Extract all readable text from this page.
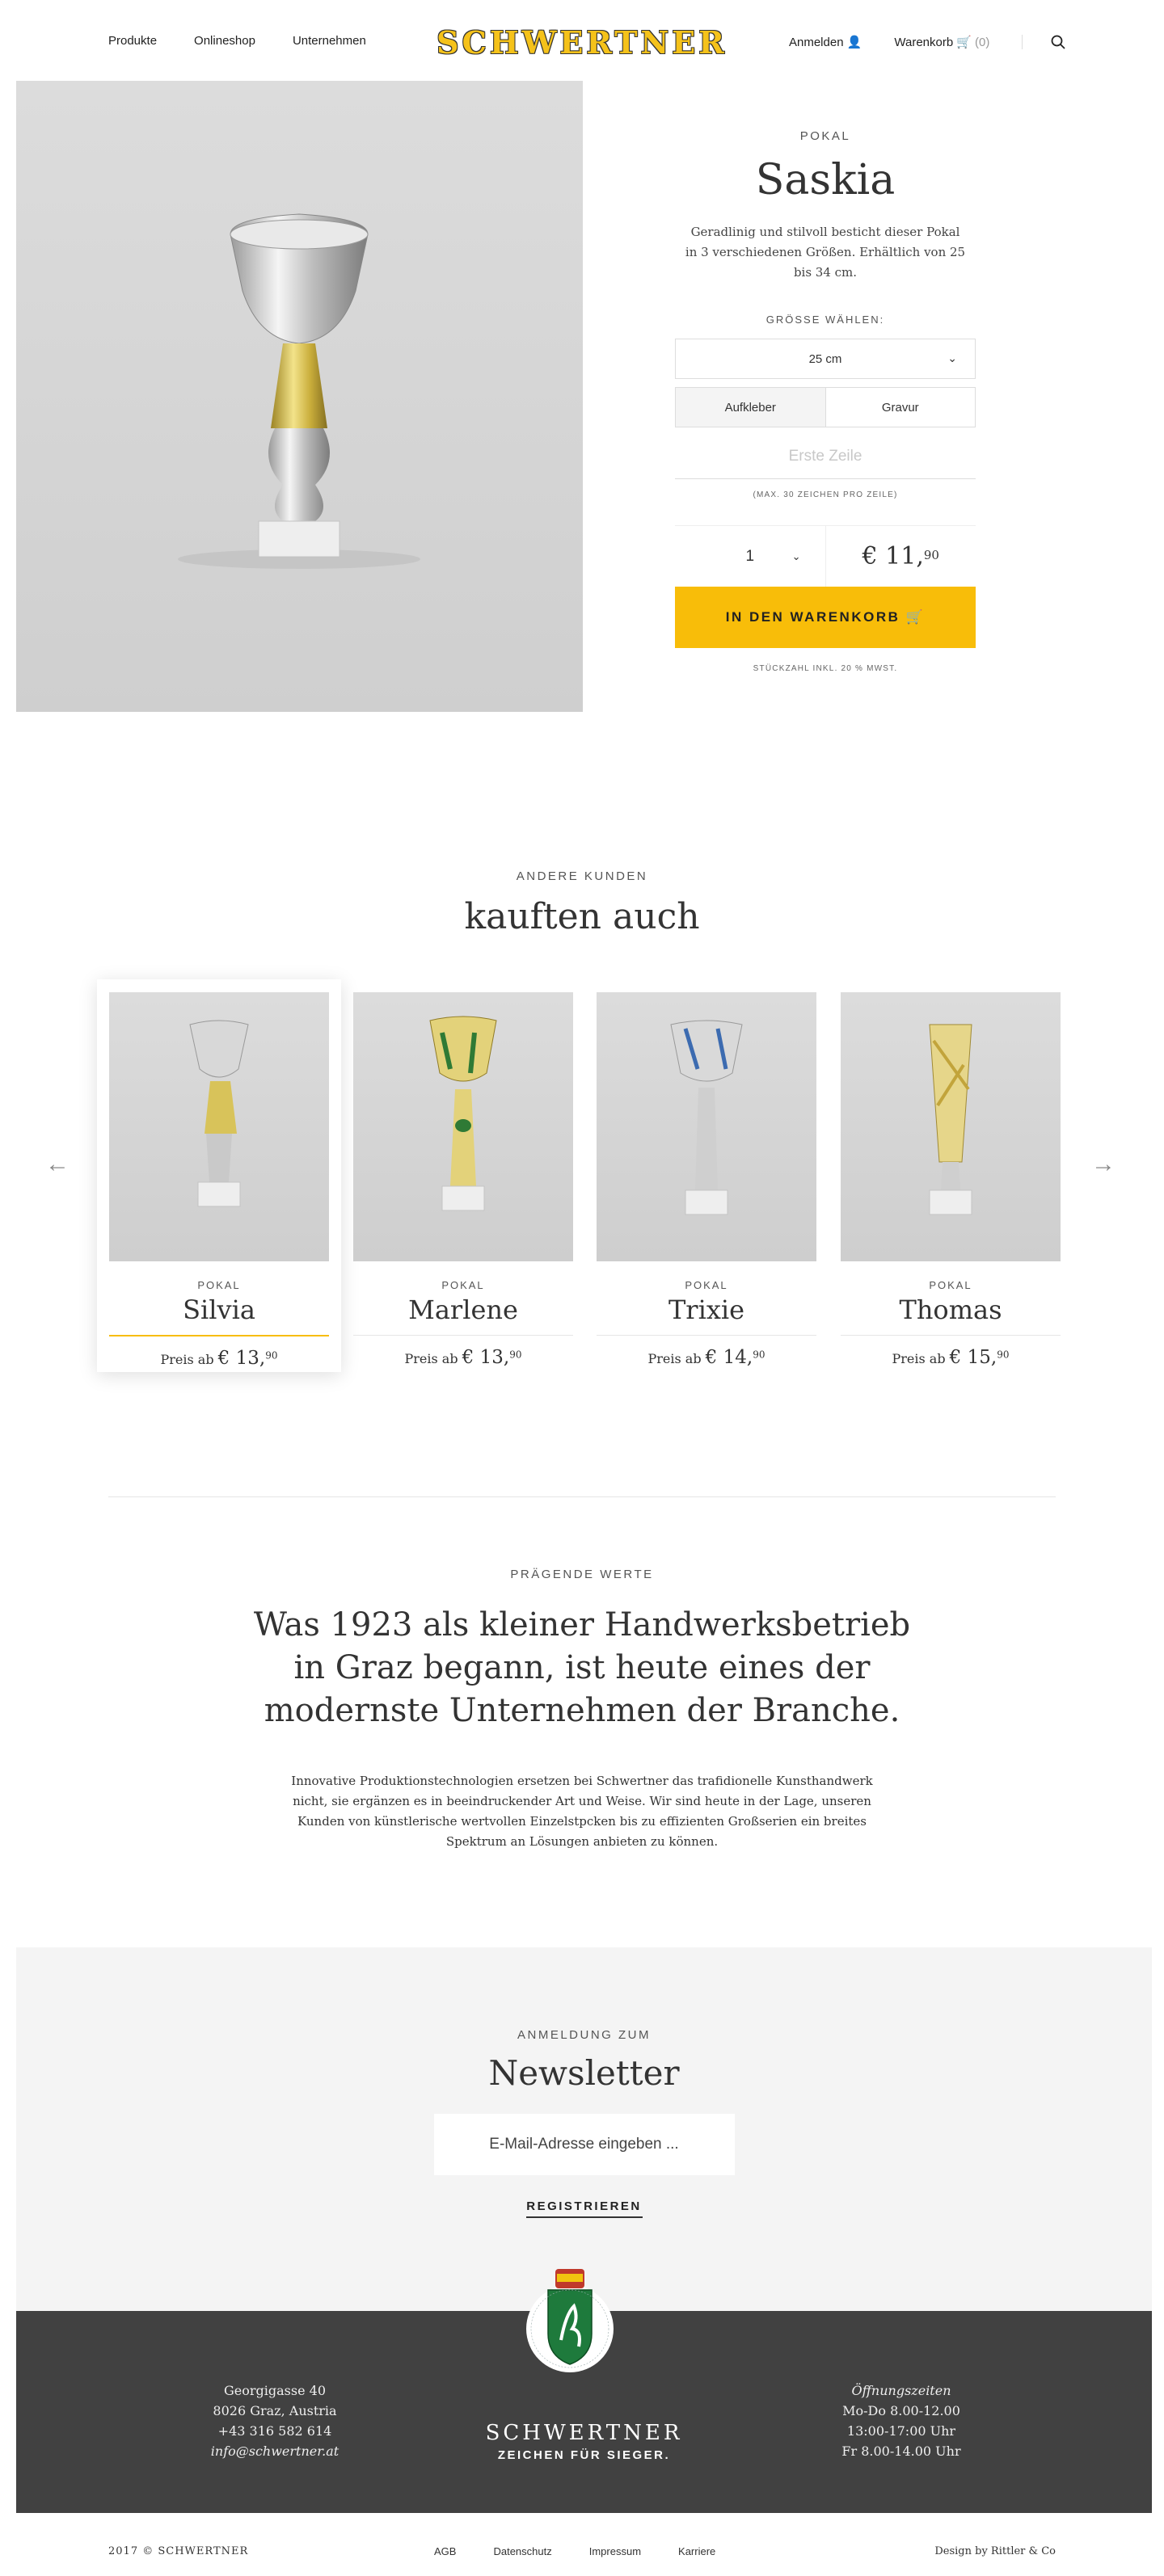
Produkte	Onlineshop	Unternehmen SCHWERTNER	Anmelden 👤	Warenkorb 🛒 (0)
POKAL
Saskia
Geradlinig und stilvoll besticht dieser Pokal in 3 verschiedenen Größen. Erhältlich von 25 bis 34 cm.
GRÖSSE WÄHLEN:
25 cm	⌄
Aufkleber	Gravur
Erste Zeile
(MAX. 30 ZEICHEN PRO ZEILE)
1	⌄	€ 11,90
IN DEN WARENKORB 🛒
STÜCKZAHL INKL. 20 % MWST.
ANDERE KUNDEN
kauften auch
←	→
POKAL
Silvia
Preis ab € 13,90
POKAL
Marlene
Preis ab € 13,90
POKAL
Trixie
Preis ab € 14,90
POKAL
Thomas
Preis ab € 15,90
PRÄGENDE WERTE
Was 1923 als kleiner Handwerksbetrieb in Graz begann, ist heute eines der modernste Unternehmen der Branche.
Innovative Produktionstechnologien ersetzen bei Schwertner das trafidionelle Kunsthandwerk nicht, sie ergänzen es in beeindruckender Art und Weise. Wir sind heute in der Lage, unseren Kunden von künstlerische wertvollen Einzelstpcken bis zu effizienten Großserien ein breites Spektrum an Lösungen anbieten zu können.
ANMELDUNG ZUM
Newsletter
E-Mail-Adresse eingeben ...
REGISTRIEREN
Georgigasse 40
8026 Graz, Austria
+43 316 582 614
info@schwertner.at
SCHWERTNER
ZEICHEN FÜR SIEGER.
Öffnungszeiten
Mo-Do 8.00-12.00
13:00-17:00 Uhr
Fr 8.00-14.00 Uhr
2017 © SCHWERTNER	AGB	Datenschutz	Impressum	Karriere	Design by Rittler & Co
